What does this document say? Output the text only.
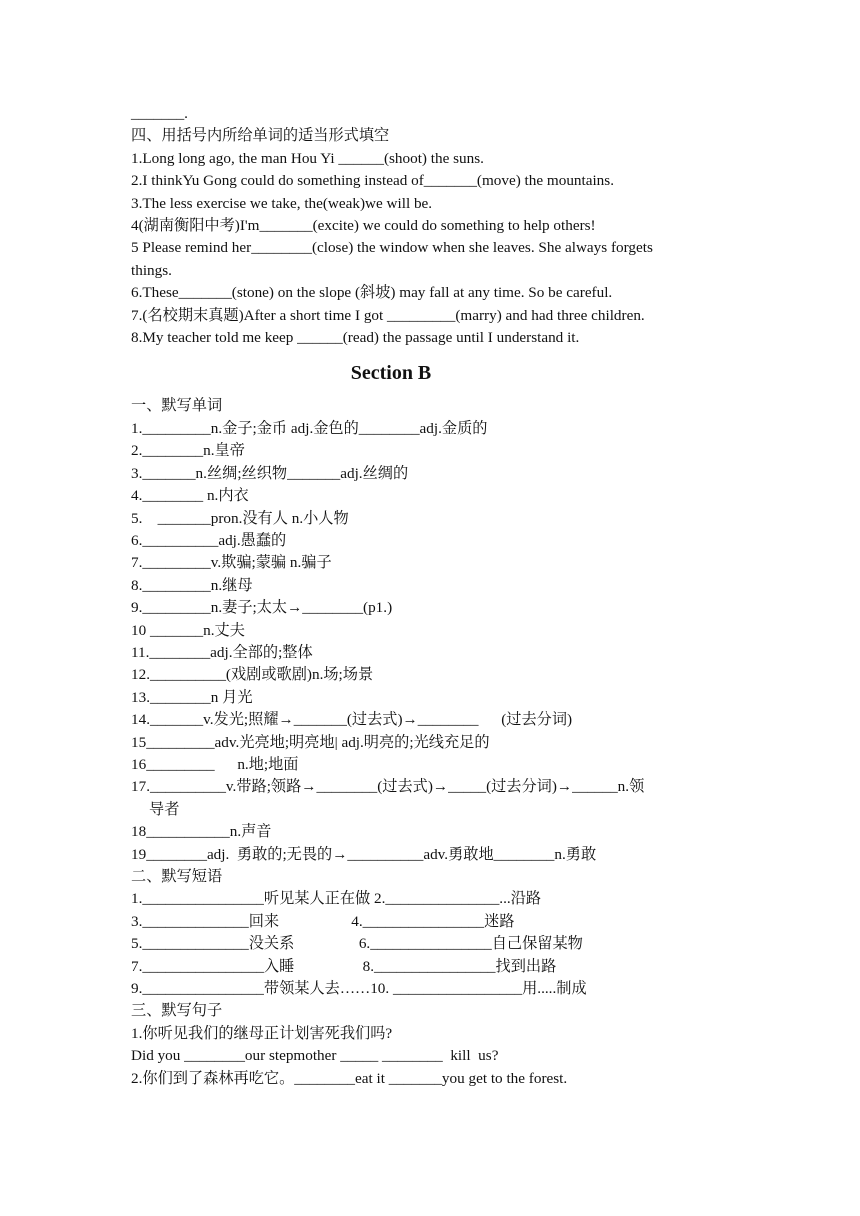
_______.

四、用括号内所给单词的适当形式填空

1.Long long ago, the man Hou Yi ______(shoot) the suns.

2.I thinkYu Gong could do something instead of_______(move) the mountains.

3.The less exercise we take, the(weak)we will be.

4(湖南衡阳中考)I'm_______(excite) we could do something to help others!

5 Please remind her________(close) the window when she leaves. She always forgets

things.

6.These_______(stone) on the slope (斜坡) may fall at any time. So be careful.

7.(名校期末真题)After a short time I got _________(marry) and had three children.

8.My teacher told me keep ______(read) the passage until I understand it.

Section B

一、默写单词

1._________n.金子;金币 adj.金色的________adj.金质的

2.________n.皇帝

3._______n.丝绸;丝织物_______adj.丝绸的

4.________ n.内衣

5.    _______pron.没有人 n.小人物

6.__________adj.愚蠢的

7._________v.欺骗;蒙骗 n.骗子

8._________n.继母

9._________n.妻子;太太→________(p1.)

10 _______n.丈夫

11.________adj.全部的;整体

12.__________(戏剧或歌剧)n.场;场景

13.________n 月光

14._______v.发光;照耀→_______(过去式)→________      (过去分词)

15_________adv.光亮地;明亮地| adj.明亮的;光线充足的

16_________      n.地;地面

17.__________v.带路;领路→________(过去式)→_____(过去分词)→______n.领

导者

18___________n.声音

19________adj.  勇敢的;无畏的→__________adv.勇敢地________n.勇敢

二、默写短语

1.________________听见某人正在做 2._______________...沿路

3.______________回来                   4.________________迷路

5.______________没关系                 6.________________自己保留某物

7.________________入睡                  8.________________找到出路

9.________________带领某人去……10. _________________用.....制成

三、默写句子

1.你听见我们的继母正计划害死我们吗?

Did you ________our stepmother _____ ________  kill  us?

2.你们到了森林再吃它。________eat it _______you get to the forest.
